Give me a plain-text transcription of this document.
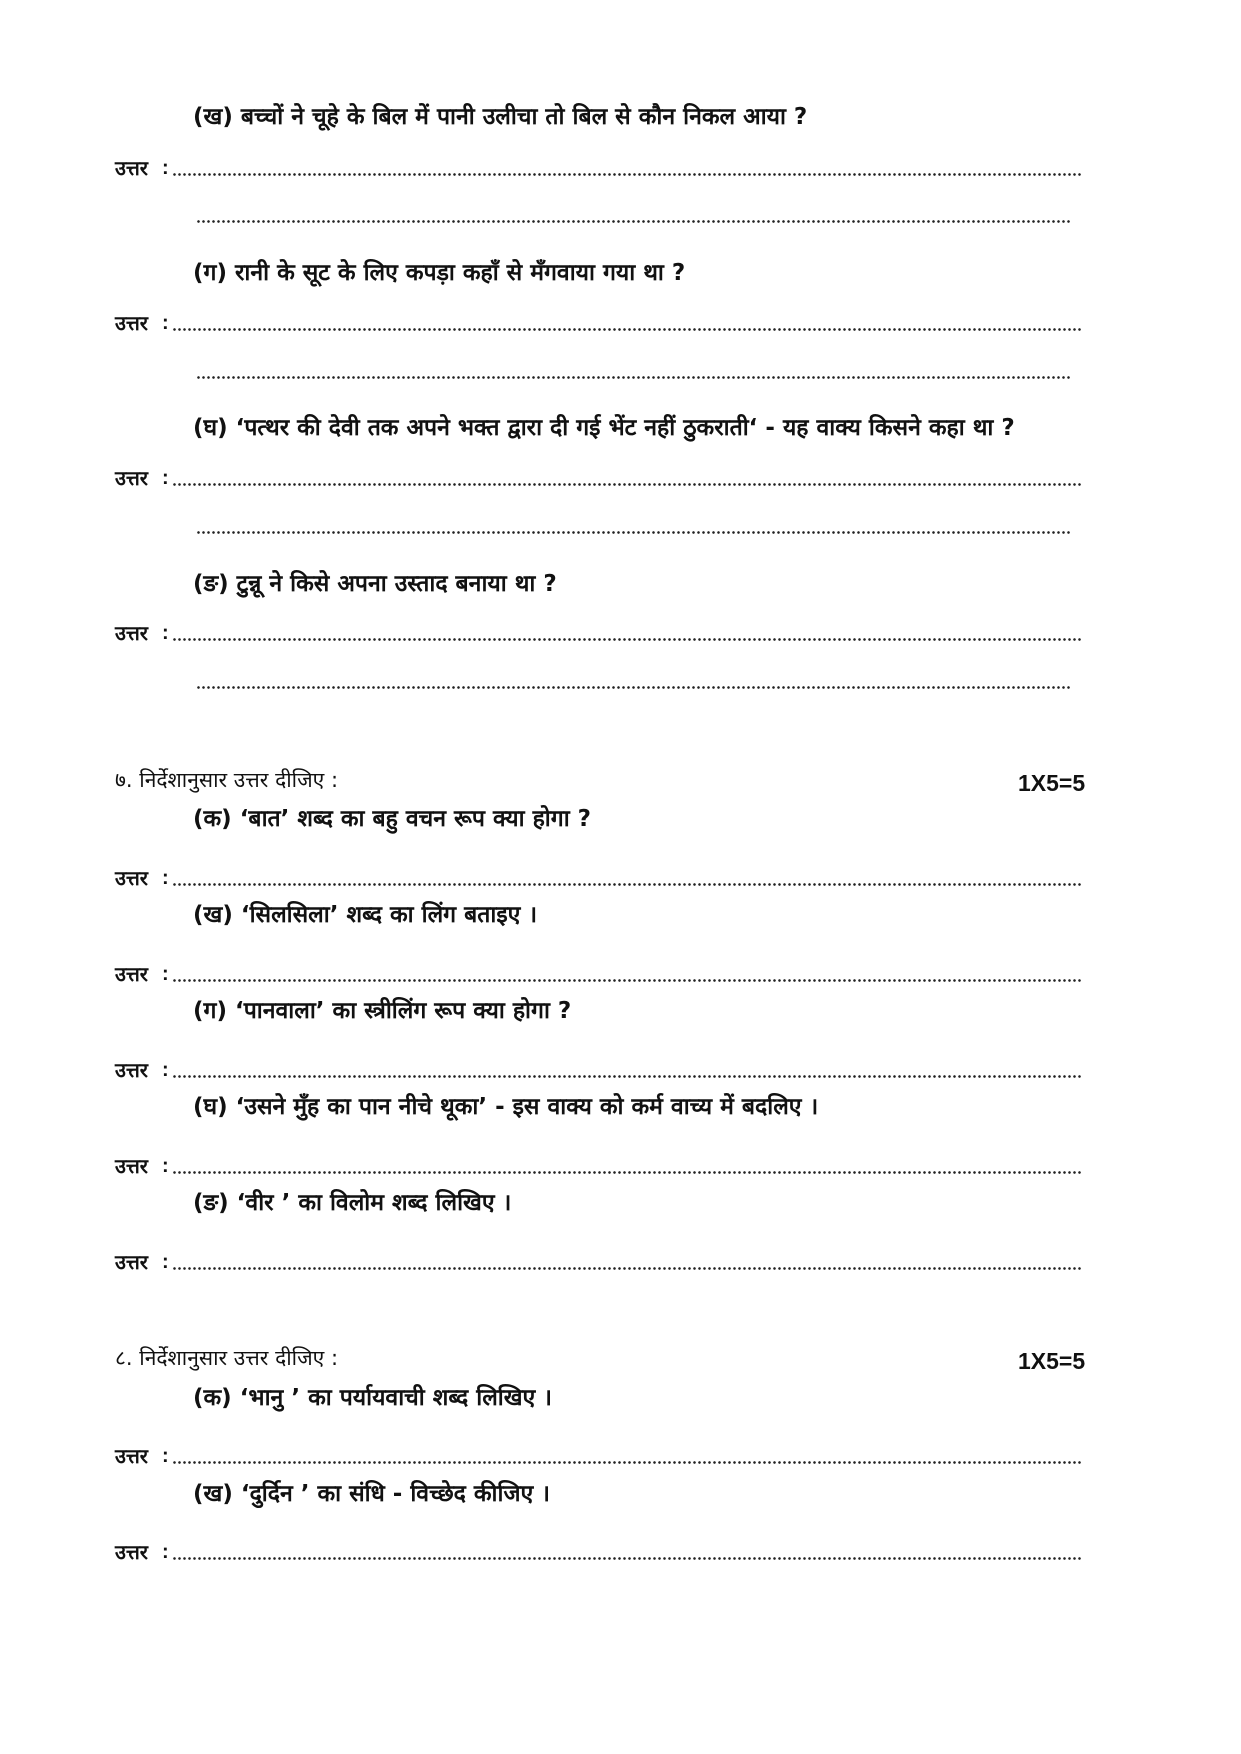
(ख) बच्चों ने चूहे के बिल में पानी उलीचा तो बिल से कौन निकल आया ?
उत्तर :
(ग) रानी के सूट के लिए कपड़ा कहाँ से मँगवाया गया था ?
उत्तर :
(घ) ‘पत्थर की देवी तक अपने भक्त द्वारा दी गई भेंट नहीं ठुकराती‘ - यह वाक्य किसने कहा था ?
उत्तर :
(ङ) टुन्नू ने किसे अपना उस्ताद बनाया था ?
उत्तर :
७. निर्देशानुसार उत्तर दीजिए :	1X5=5
(क) ‘बात’ शब्द का बहु वचन रूप क्या होगा ?
उत्तर :
(ख) ‘सिलसिला’ शब्द का लिंग बताइए ।
उत्तर :
(ग) ‘पानवाला’ का स्त्रीलिंग रूप क्या होगा ?
उत्तर :
(घ) ‘उसने मुँह का पान नीचे थूका’ - इस वाक्य को कर्म वाच्य में बदलिए ।
उत्तर :
(ङ) ‘वीर ’ का विलोम शब्द लिखिए ।
उत्तर :
८. निर्देशानुसार उत्तर दीजिए :	1X5=5
(क) ‘भानु ’ का पर्यायवाची शब्द लिखिए ।
उत्तर :
(ख) ‘दुर्दिन ’ का संधि - विच्छेद कीजिए ।
उत्तर :
